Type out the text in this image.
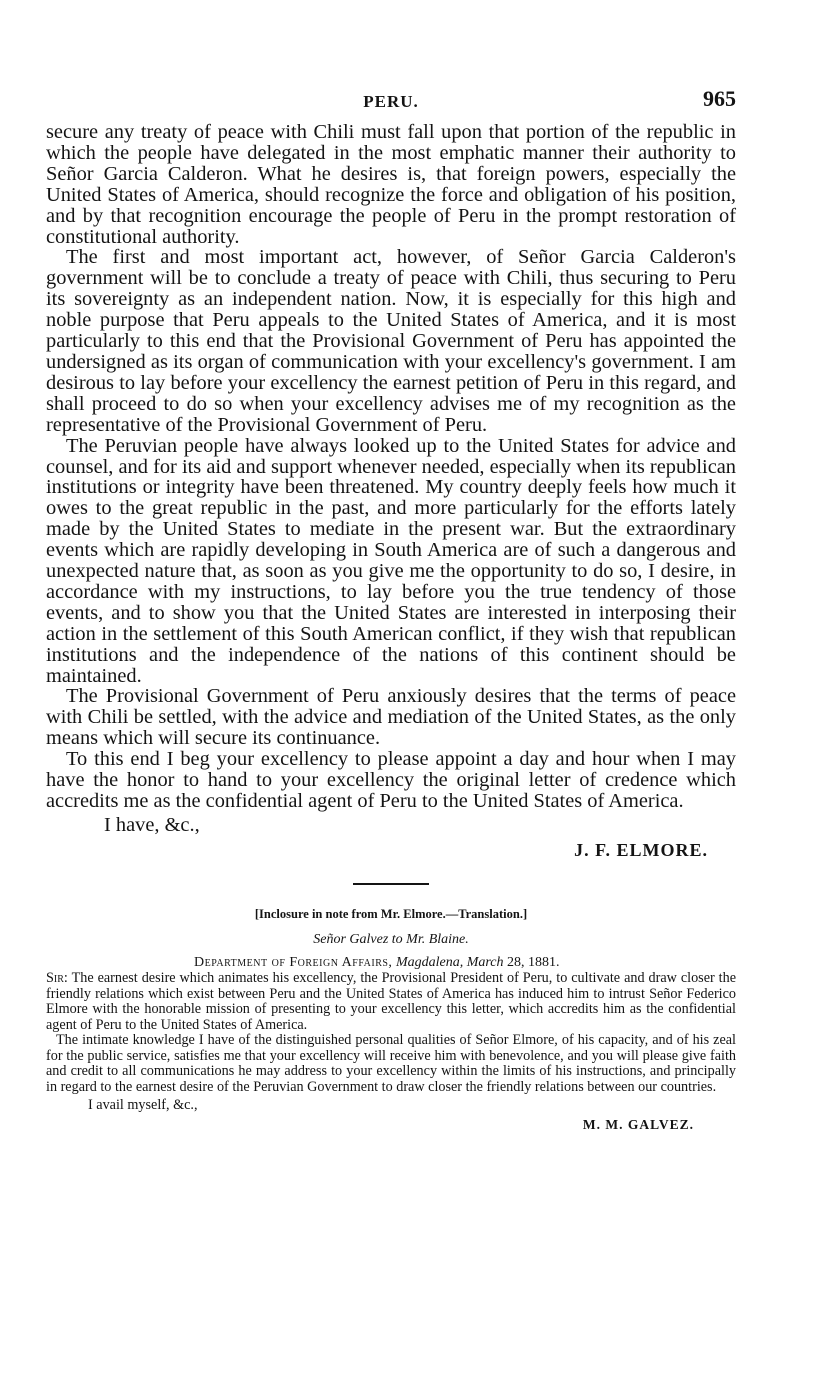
PERU.	965

secure any treaty of peace with Chili must fall upon that portion of the republic in which the people have delegated in the most emphatic manner their authority to Señor Garcia Calderon. What he desires is, that foreign powers, especially the United States of America, should recognize the force and obligation of his position, and by that recognition encourage the people of Peru in the prompt restoration of constitutional authority.

The first and most important act, however, of Señor Garcia Calderon's government will be to conclude a treaty of peace with Chili, thus securing to Peru its sovereignty as an independent nation. Now, it is especially for this high and noble purpose that Peru appeals to the United States of America, and it is most particularly to this end that the Provisional Government of Peru has appointed the undersigned as its organ of communication with your excellency's government. I am desirous to lay before your excellency the earnest petition of Peru in this regard, and shall proceed to do so when your excellency advises me of my recognition as the representative of the Provisional Government of Peru.

The Peruvian people have always looked up to the United States for advice and counsel, and for its aid and support whenever needed, especially when its republican institutions or integrity have been threatened. My country deeply feels how much it owes to the great republic in the past, and more particularly for the efforts lately made by the United States to mediate in the present war. But the extraordinary events which are rapidly developing in South America are of such a dangerous and unexpected nature that, as soon as you give me the opportunity to do so, I desire, in accordance with my instructions, to lay before you the true tendency of those events, and to show you that the United States are interested in interposing their action in the settlement of this South American conflict, if they wish that republican institutions and the independence of the nations of this continent should be maintained.

The Provisional Government of Peru anxiously desires that the terms of peace with Chili be settled, with the advice and mediation of the United States, as the only means which will secure its continuance.

To this end I beg your excellency to please appoint a day and hour when I may have the honor to hand to your excellency the original letter of credence which accredits me as the confidential agent of Peru to the United States of America.

I have, &c.,
J. F. ELMORE.
[Inclosure in note from Mr. Elmore.—Translation.]
Señor Galvez to Mr. Blaine.
Department of Foreign Affairs, Magdalena, March 28, 1881.

Sir: The earnest desire which animates his excellency, the Provisional President of Peru, to cultivate and draw closer the friendly relations which exist between Peru and the United States of America has induced him to intrust Señor Federico Elmore with the honorable mission of presenting to your excellency this letter, which accredits him as the confidential agent of Peru to the United States of America.

The intimate knowledge I have of the distinguished personal qualities of Señor Elmore, of his capacity, and of his zeal for the public service, satisfies me that your excellency will receive him with benevolence, and you will please give faith and credit to all communications he may address to your excellency within the limits of his instructions, and principally in regard to the earnest desire of the Peruvian Government to draw closer the friendly relations between our countries.

I avail myself, &c.,
M. M. GALVEZ.
